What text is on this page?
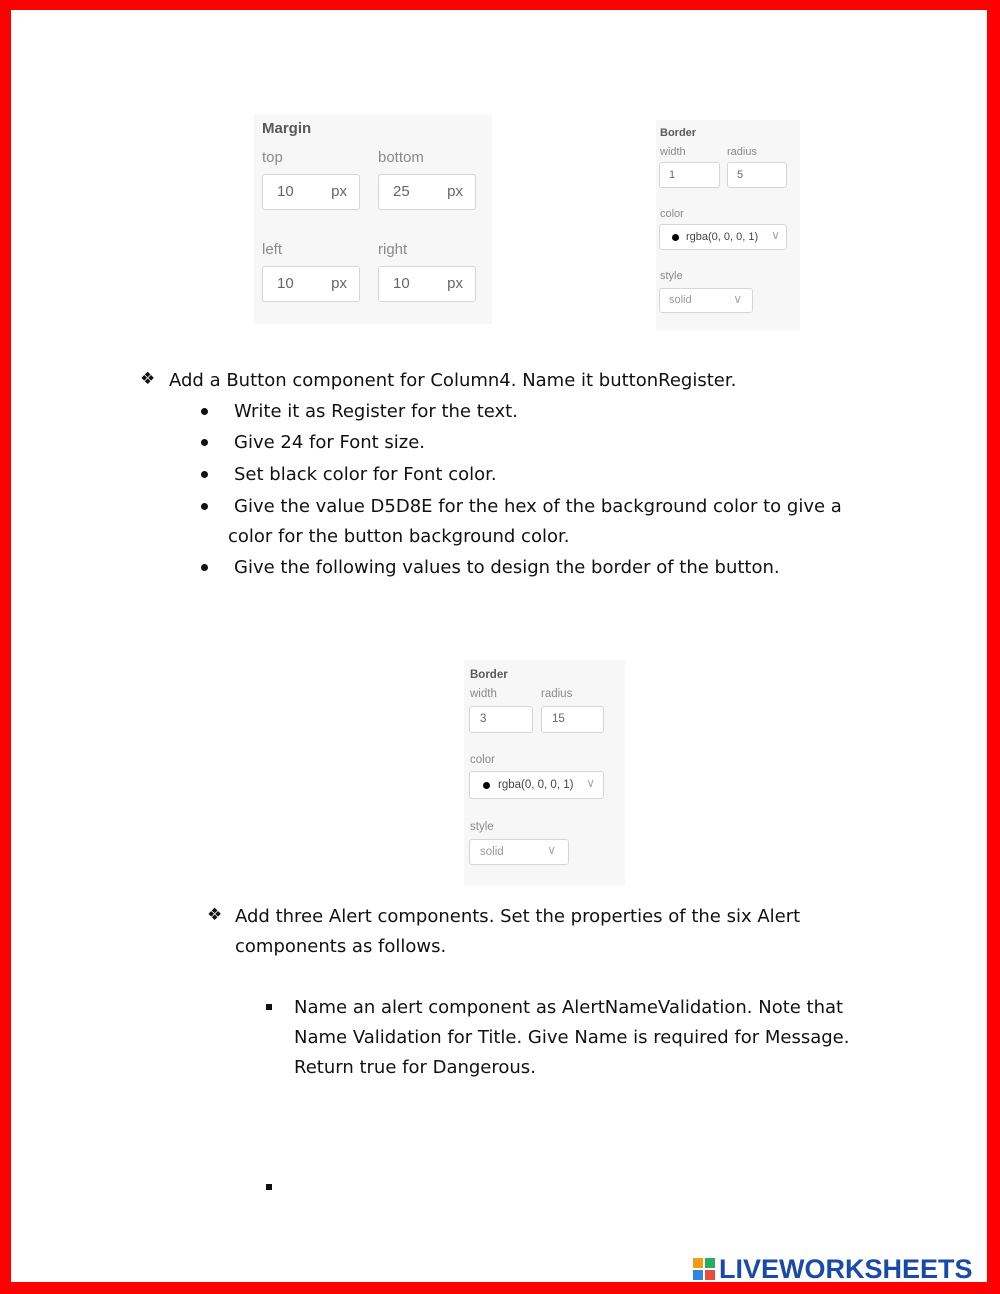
Margin
top	bottom
10 px	25 px
left	right
10 px	10 px
Border
width	radius
1	5
color
rgba(0, 0, 0, 1) ∨
style
solid	∨
❖ Add a Button component for Column4. Name it buttonRegister.
Write it as Register for the text.
Give 24 for Font size.
Set black color for Font color.
Give the value D5D8E for the hex of the background color to give a
color for the button background color.
Give the following values to design the border of the button.
Border
width	radius
3	15
color
rgba(0, 0, 0, 1) ∨
style
solid	∨
❖ Add three Alert components. Set the properties of the six Alert
components as follows.
Name an alert component as AlertNameValidation. Note that
Name Validation for Title. Give Name is required for Message.
Return true for Dangerous.
LIVEWORKSHEETS
